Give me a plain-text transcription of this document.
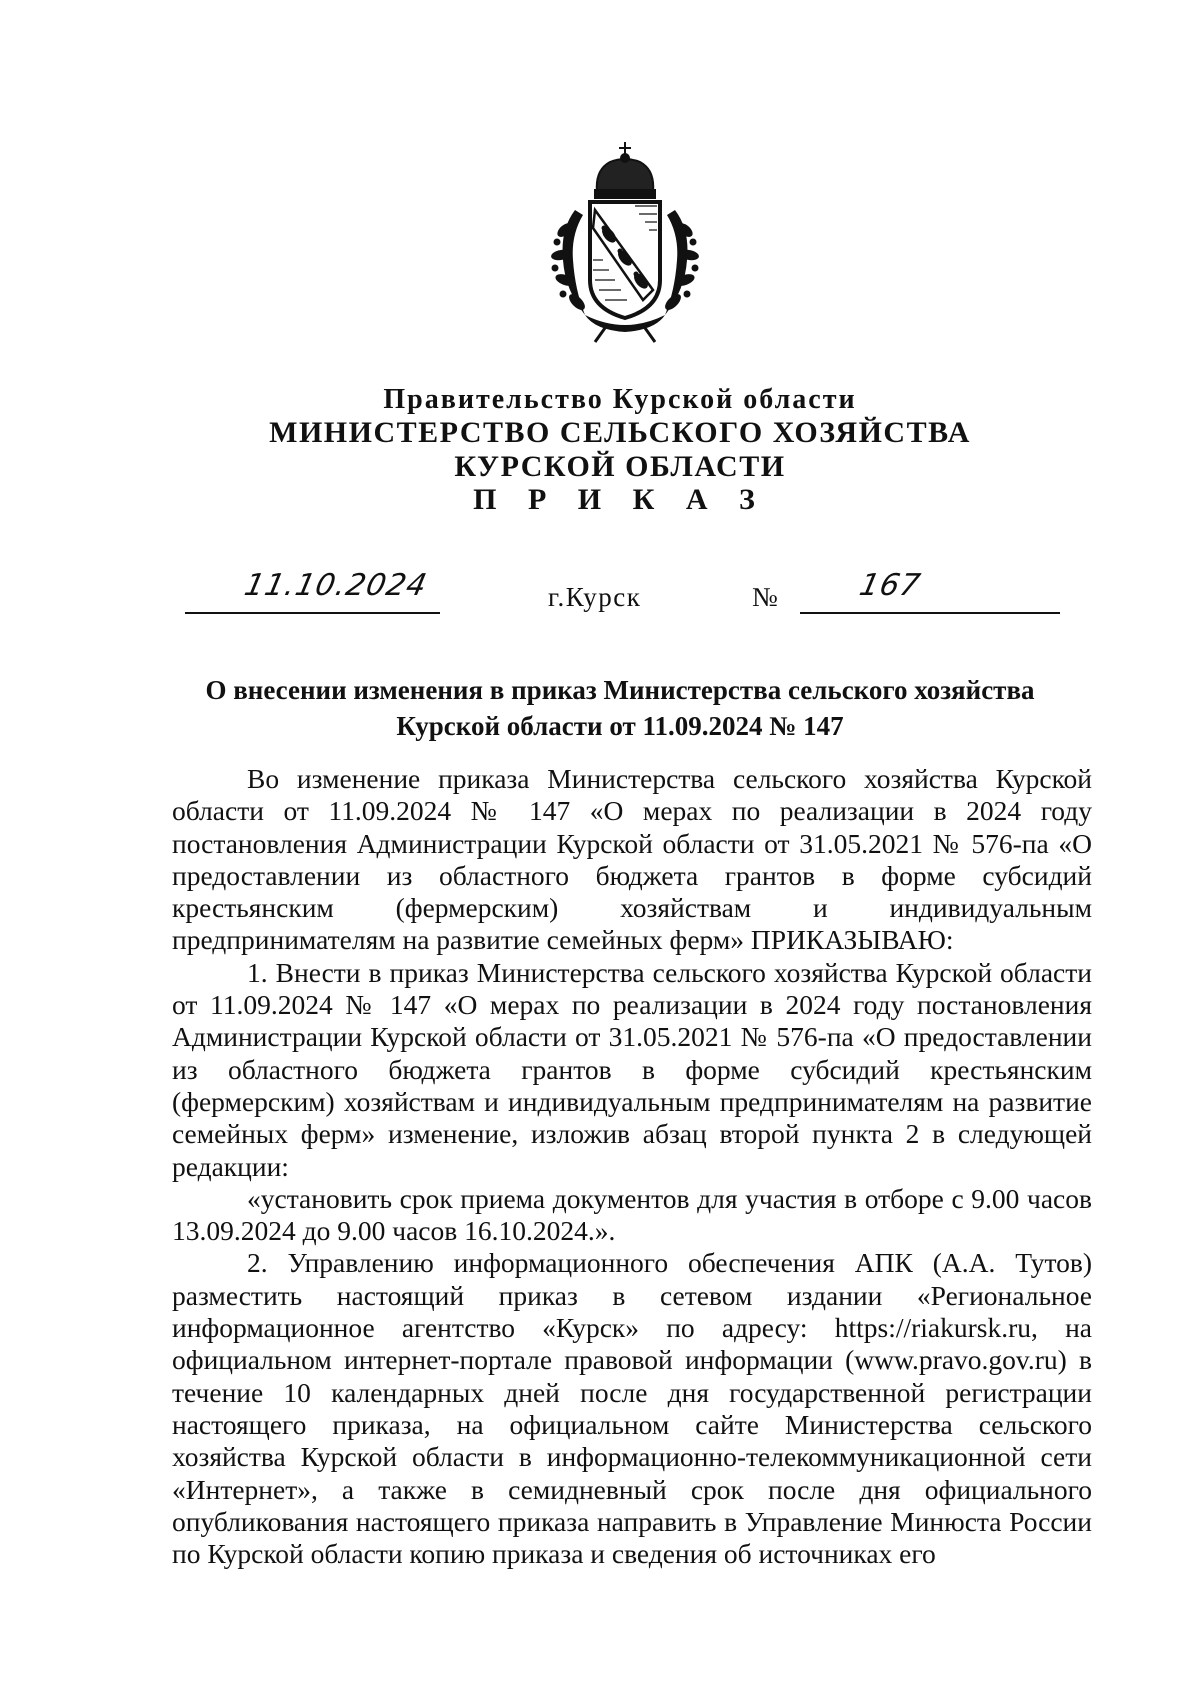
Правительство Курской области
МИНИСТЕРСТВО СЕЛЬСКОГО ХОЗЯЙСТВА
КУРСКОЙ ОБЛАСТИ
П Р И К А З
11.10.2024	г.Курск	№	167
О внесении изменения в приказ Министерства сельского хозяйства
Курской области от 11.09.2024 № 147

Во изменение приказа Министерства сельского хозяйства Курской области от 11.09.2024 № 147 «О мерах по реализации в 2024 году постановления Администрации Курской области от 31.05.2021 № 576-па «О предоставлении из областного бюджета грантов в форме субсидий крестьянским (фермерским) хозяйствам и индивидуальным предпринимателям на развитие семейных ферм» ПРИКАЗЫВАЮ:

1. Внести в приказ Министерства сельского хозяйства Курской области от 11.09.2024 № 147 «О мерах по реализации в 2024 году постановления Администрации Курской области от 31.05.2021 № 576-па «О предоставлении из областного бюджета грантов в форме субсидий крестьянским (фермерским) хозяйствам и индивидуальным предпринимателям на развитие семейных ферм» изменение, изложив абзац второй пункта 2 в следующей редакции:

«установить срок приема документов для участия в отборе с 9.00 часов 13.09.2024 до 9.00 часов 16.10.2024.».

2. Управлению информационного обеспечения АПК (А.А. Тутов) разместить настоящий приказ в сетевом издании «Региональное информационное агентство «Курск» по адресу: https://riakursk.ru, на официальном интернет-портале правовой информации (www.pravo.gov.ru) в течение 10 календарных дней после дня государственной регистрации настоящего приказа, на официальном сайте Министерства сельского хозяйства Курской области в информационно-телекоммуникационной сети «Интернет», а также в семидневный срок после дня официального опубликования настоящего приказа направить в Управление Минюста России по Курской области копию приказа и сведения об источниках его
